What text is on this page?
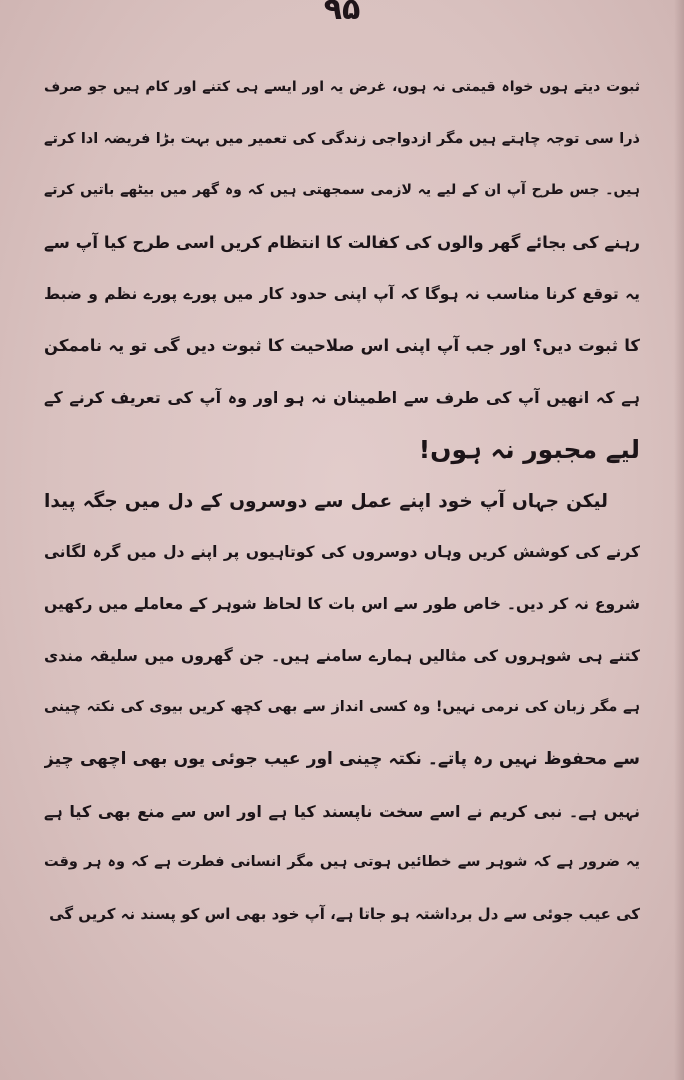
۹۵
ثبوت دیتے ہوں خواہ قیمتی نہ ہوں، غرض یہ اور ایسے ہی کتنے اور کام ہیں جو صرف
ذرا سی توجہ چاہتے ہیں مگر ازدواجی زندگی کی تعمیر میں بہت بڑا فریضہ ادا کرتے
ہیں۔ جس طرح آپ ان کے لیے یہ لازمی سمجھتی ہیں کہ وہ گھر میں بیٹھے باتیں کرتے
رہنے کی بجائے گھر والوں کی کفالت کا انتظام کریں اسی طرح کیا آپ سے
یہ توقع کرنا مناسب نہ ہوگا کہ آپ اپنی حدود کار میں پورے پورے نظم و ضبط
کا ثبوت دیں؟ اور جب آپ اپنی اس صلاحیت کا ثبوت دیں گی تو یہ ناممکن
ہے کہ انھیں آپ کی طرف سے اطمینان نہ ہو اور وہ آپ کی تعریف کرنے کے
لیے مجبور نہ ہوں!
لیکن جہاں آپ خود اپنے عمل سے دوسروں کے دل میں جگہ پیدا
کرنے کی کوشش کریں وہاں دوسروں کی کوتاہیوں پر اپنے دل میں گرہ لگانی
شروع نہ کر دیں۔ خاص طور سے اس بات کا لحاظ شوہر کے معاملے میں رکھیں
کتنے ہی شوہروں کی مثالیں ہمارے سامنے ہیں۔ جن گھروں میں سلیقہ مندی
ہے مگر زبان کی نرمی نہیں! وہ کسی انداز سے بھی کچھ کریں بیوی کی نکتہ چینی
سے محفوظ نہیں رہ پاتے۔ نکتہ چینی اور عیب جوئی یوں بھی اچھی چیز
نہیں ہے۔ نبی کریم نے اسے سخت ناپسند کیا ہے اور اس سے منع بھی کیا ہے
یہ ضرور ہے کہ شوہر سے خطائیں ہوتی ہیں مگر انسانی فطرت ہے کہ وہ ہر وقت
کی عیب جوئی سے دل برداشتہ ہو جاتا ہے، آپ خود بھی اس کو پسند نہ کریں گی
